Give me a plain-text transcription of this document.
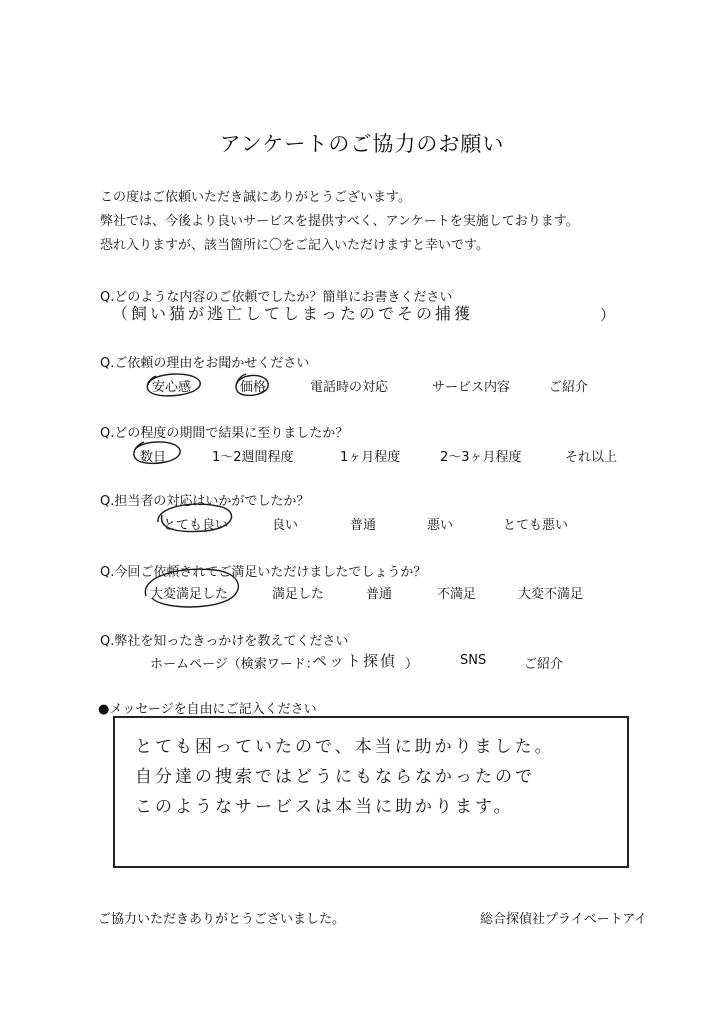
アンケートのご協力のお願い
この度はご依頼いただき誠にありがとうございます。
弊社では、今後より良いサービスを提供すべく、アンケートを実施しております。
恐れ入りますが、該当箇所に〇をご記入いただけますと幸いです。
Q.どのような内容のご依頼でしたか？簡単にお書きください
（飼い猫が逃亡してしまったのでその捕獲	）
Q.ご依頼の理由をお聞かせください
安心感	価格	電話時の対応	サービス内容	ご紹介
Q.どの程度の期間で結果に至りましたか？
数日	1～2週間程度	1ヶ月程度	2～3ヶ月程度	それ以上
Q.担当者の対応はいかがでしたか？
とても良い	良い	普通	悪い	とても悪い
Q.今回ご依頼されてご満足いただけましたでしょうか？
大変満足した	満足した	普通	不満足	大変不満足
Q.弊社を知ったきっかけを教えてください
ホームページ（検索ワード：
ペット探偵 ）	SNS	ご紹介
●メッセージを自由にご記入ください
とても困っていたので、本当に助かりました。
自分達の捜索ではどうにもならなかったので
このようなサービスは本当に助かります。
ご協力いただきありがとうございました。	総合探偵社プライベートアイ
